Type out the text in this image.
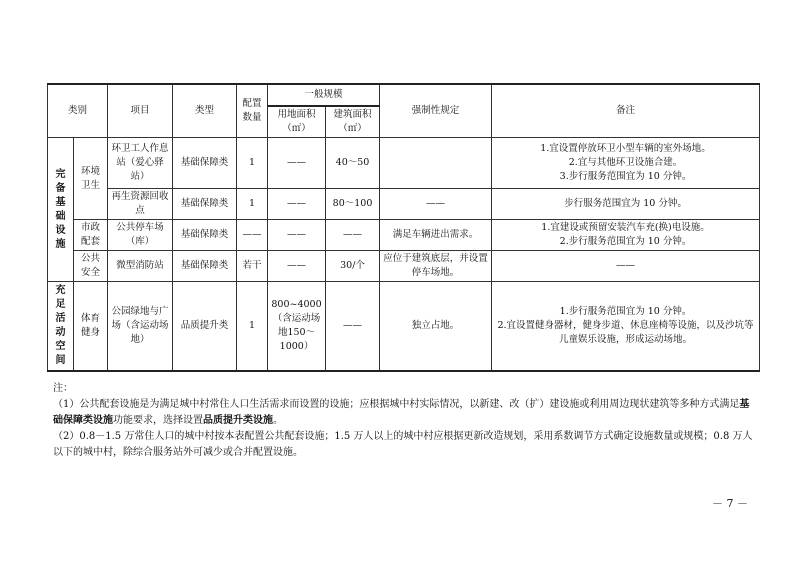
类别		项目	类型	配置数量	一般规模		强制性规定	备注
					用地面积（㎡）	建筑面积（㎡）		
完备基础设施	环境卫生	环卫工人作息站（爱心驿站）	基础保障类	1	——	40～50		1.宜设置停放环卫小型车辆的室外场地。
2.宜与其他环卫设施合建。
3.步行服务范围宜为 10 分钟。

		再生资源回收点	基础保障类	1	——	80～100	——	步行服务范围宜为 10 分钟。

	市政配套	公共停车场（库）	基础保障类	——	——	——	满足车辆进出需求。	1.宜建设或预留安装汽车充(换)电设施。
2.步行服务范围宜为 10 分钟。

	公共安全	微型消防站	基础保障类	若干	——	30/个	应位于建筑底层，并设置停车场地。	——
充足活动空间	体育健身	公园绿地与广场（含运动场地）	品质提升类	1	800~4000（含运动场地150～1000）	——	独立占地。	1.步行服务范围宜为 10 分钟。
2.宜设置健身器材，健身步道、休息座椅等设施，以及沙坑等儿童娱乐设施，形成运动场地。

注：

（1）公共配套设施是为满足城中村常住人口生活需求而设置的设施；应根据城中村实际情况，以新建、改（扩）建设施或利用周边现状建筑等多种方式满足基础保障类设施功能要求，选择设置品质提升类设施。

（2）0.8－1.5 万常住人口的城中村按本表配置公共配套设施；1.5 万人以上的城中村应根据更新改造规划，采用系数调节方式确定设施数量或规模；0.8 万人以下的城中村，除综合服务站外可减少或合并配置设施。

－ 7 －
